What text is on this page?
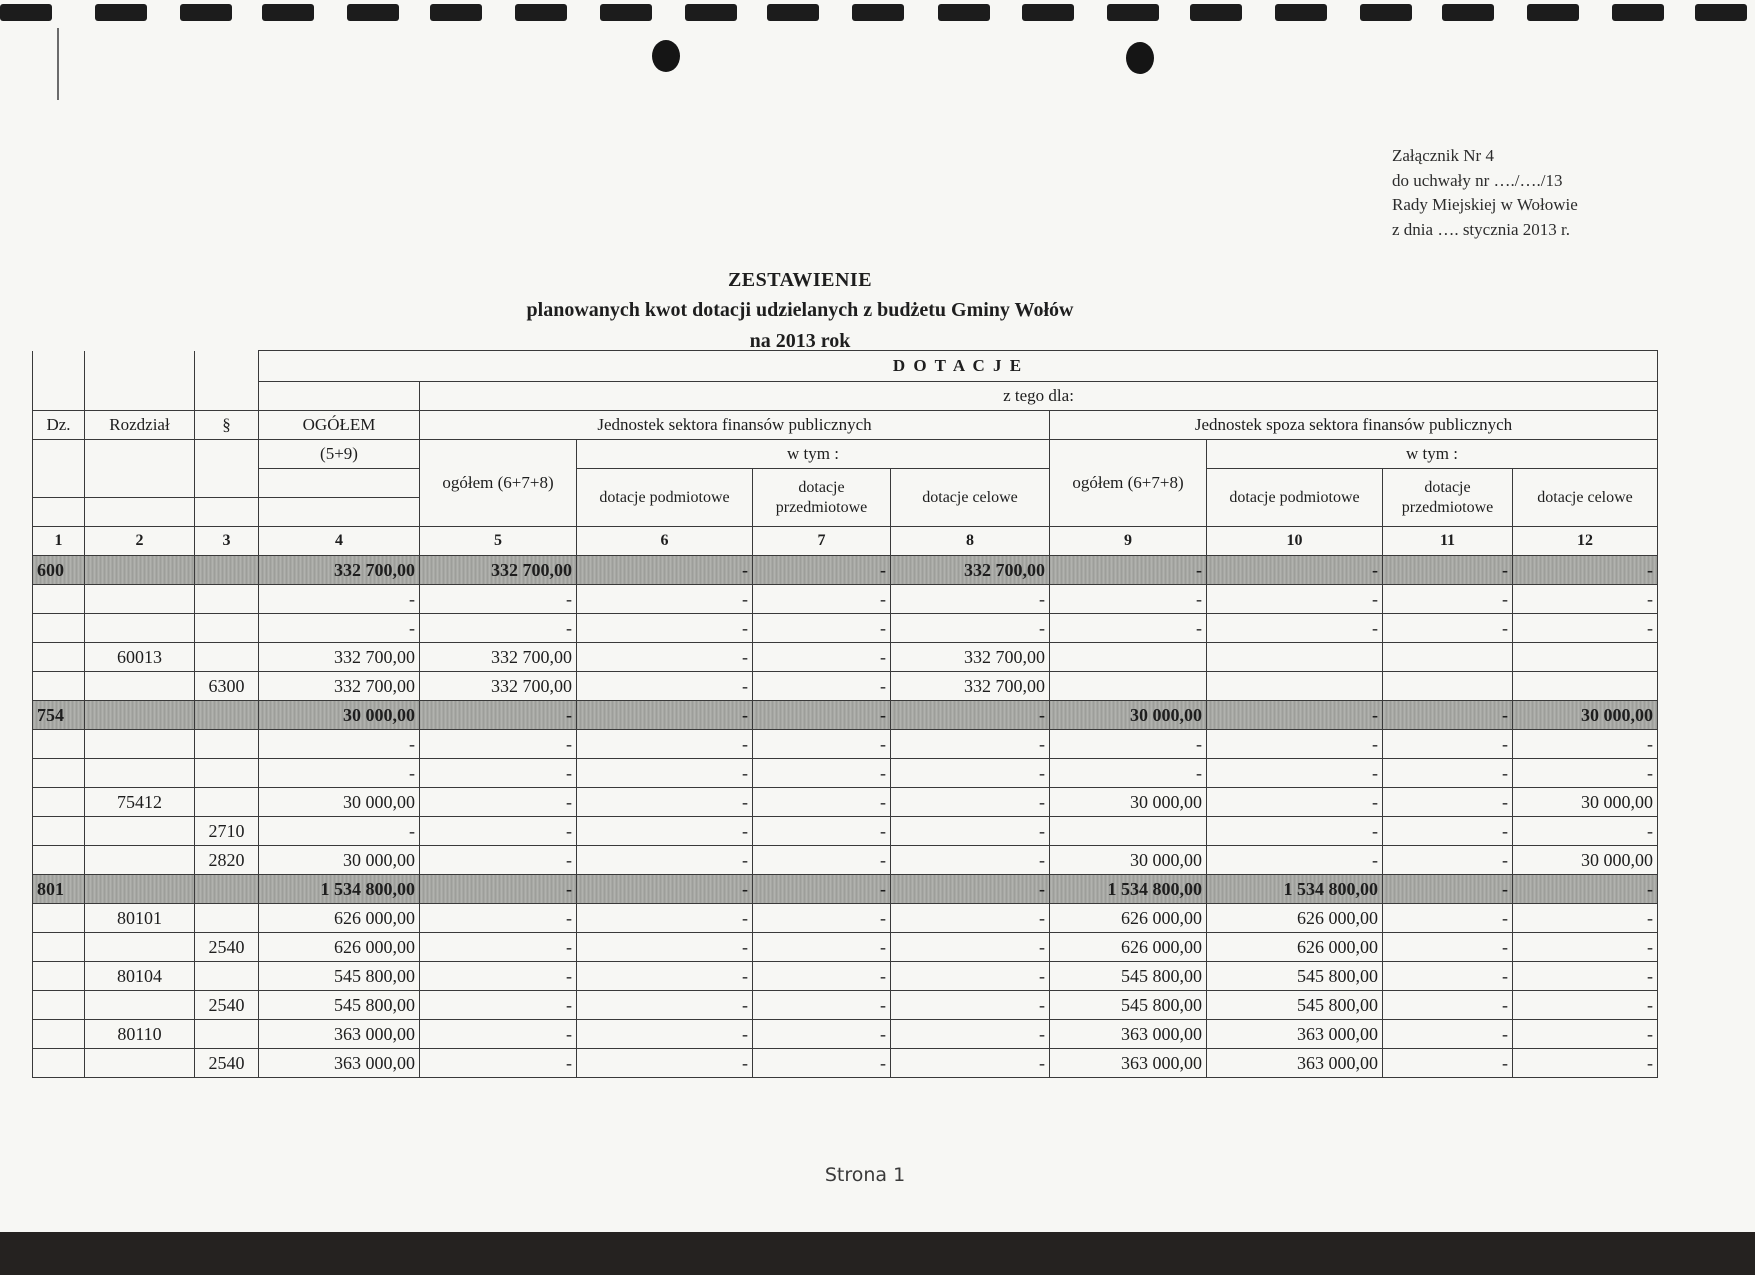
Załącznik Nr 4
do uchwały nr …./…./13
Rady Miejskiej w Wołowie
z dnia …. stycznia 2013 r.
ZESTAWIENIE
planowanych kwot dotacji udzielanych z budżetu Gminy Wołów
na 2013 rok
			D O T A C J E								
				z tego dla:							
Dz.	Rozdział	§	OGÓŁEM	Jednostek sektora finansów publicznych				Jednostek spoza sektora finansów publicznych			
			(5+9)	ogółem (6+7+8)	w tym :			ogółem (6+7+8)	w tym :		
					dotacje podmiotowe	dotacje przedmiotowe	dotacje celowe		dotacje podmiotowe	dotacje przedmiotowe	dotacje celowe

1	2	3	4	5	6	7	8	9	10	11	12
600			332 700,00	332 700,00	-	-	332 700,00	-	-	-	-
			-	-	-	-	-	-	-	-	-
			-	-	-	-	-	-	-	-	-
	60013		332 700,00	332 700,00	-	-	332 700,00				
		6300	332 700,00	332 700,00	-	-	332 700,00				
754			30 000,00	-	-	-	-	30 000,00	-	-	30 000,00
			-	-	-	-	-	-	-	-	-
			-	-	-	-	-	-	-	-	-
	75412		30 000,00	-	-	-	-	30 000,00	-	-	30 000,00
		2710	-	-	-	-	-		-	-	-
		2820	30 000,00	-	-	-	-	30 000,00	-	-	30 000,00
801			1 534 800,00	-	-	-	-	1 534 800,00	1 534 800,00	-	-
	80101		626 000,00	-	-	-	-	626 000,00	626 000,00	-	-
		2540	626 000,00	-	-	-	-	626 000,00	626 000,00	-	-
	80104		545 800,00	-	-	-	-	545 800,00	545 800,00	-	-
		2540	545 800,00	-	-	-	-	545 800,00	545 800,00	-	-
	80110		363 000,00	-	-	-	-	363 000,00	363 000,00	-	-
		2540	363 000,00	-	-	-	-	363 000,00	363 000,00	-	-
Strona 1
